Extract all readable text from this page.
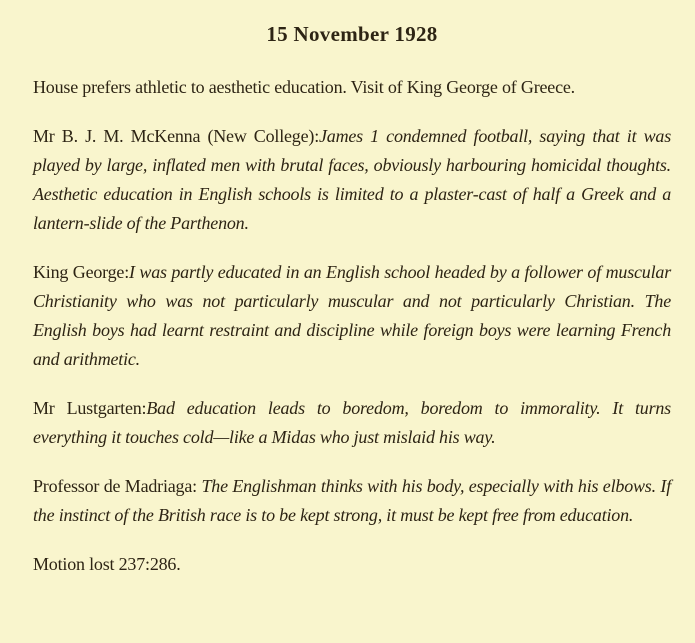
15 November 1928

House prefers athletic to aesthetic education. Visit of King George of Greece.

Mr B. J. M. McKenna (New College):James 1 condemned football, saying that it was played by large, inflated men with brutal faces, obviously harbouring homicidal thoughts. Aesthetic education in English schools is limited to a plaster-cast of half a Greek and a lantern-slide of the Parthenon.

King George:I was partly educated in an English school headed by a follower of muscular Christianity who was not particularly muscular and not particularly Christian. The English boys had learnt restraint and discipline while foreign boys were learning French and arithmetic.

Mr Lustgarten:Bad education leads to boredom, boredom to immorality. It turns everything it touches cold—like a Midas who just mislaid his way.

Professor de Madriaga: The Englishman thinks with his body, especially with his elbows. If the instinct of the British race is to be kept strong, it must be kept free from education.

Motion lost 237:286.
